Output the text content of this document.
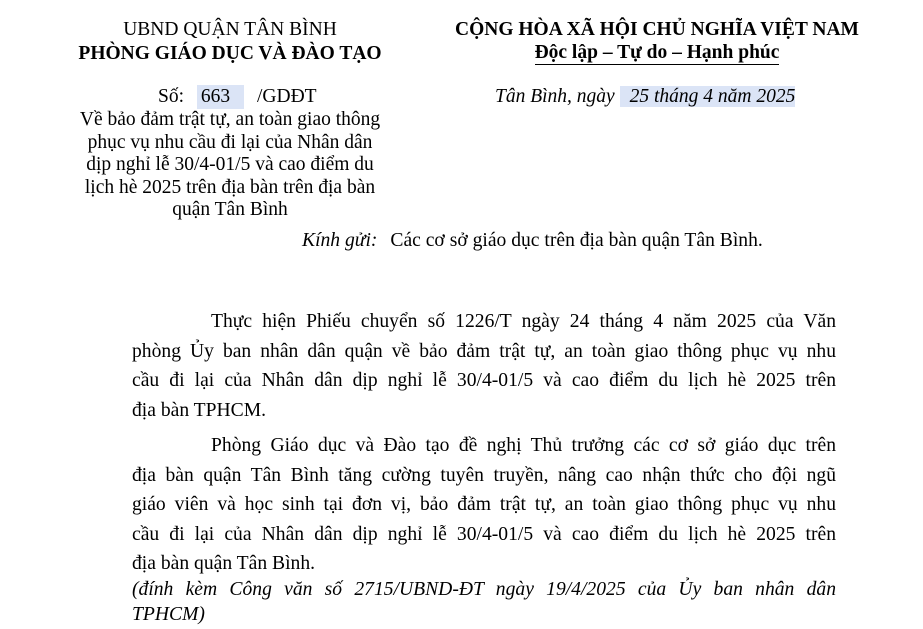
UBND QUẬN TÂN BÌNH
PHÒNG GIÁO DỤC VÀ ĐÀO TẠO
CỘNG HÒA XÃ HỘI CHỦ NGHĨA VIỆT NAM
Độc lập – Tự do – Hạnh phúc
Số: 663 /GDĐT	Tân Bình, ngày 25 tháng 4 năm 2025
Về bảo đảm trật tự, an toàn giao thông
phục vụ nhu cầu đi lại của Nhân dân
dịp nghỉ lễ 30/4-01/5 và cao điểm du
lịch hè 2025 trên địa bàn trên địa bàn
quận Tân Bình
Kính gửi: Các cơ sở giáo dục trên địa bàn quận Tân Bình.
Thực hiện Phiếu chuyển số 1226/T ngày 24 tháng 4 năm 2025 của Văn
phòng Ủy ban nhân dân quận về bảo đảm trật tự, an toàn giao thông phục vụ nhu
cầu đi lại của Nhân dân dịp nghỉ lễ 30/4-01/5 và cao điểm du lịch hè 2025 trên
địa bàn TPHCM.
Phòng Giáo dục và Đào tạo đề nghị Thủ trưởng các cơ sở giáo dục trên
địa bàn quận Tân Bình tăng cường tuyên truyền, nâng cao nhận thức cho đội ngũ
giáo viên và học sinh tại đơn vị, bảo đảm trật tự, an toàn giao thông phục vụ nhu
cầu đi lại của Nhân dân dịp nghỉ lễ 30/4-01/5 và cao điểm du lịch hè 2025 trên
địa bàn quận Tân Bình.
(đính kèm Công văn số 2715/UBND-ĐT ngày 19/4/2025 của Ủy ban nhân dân
TPHCM)
